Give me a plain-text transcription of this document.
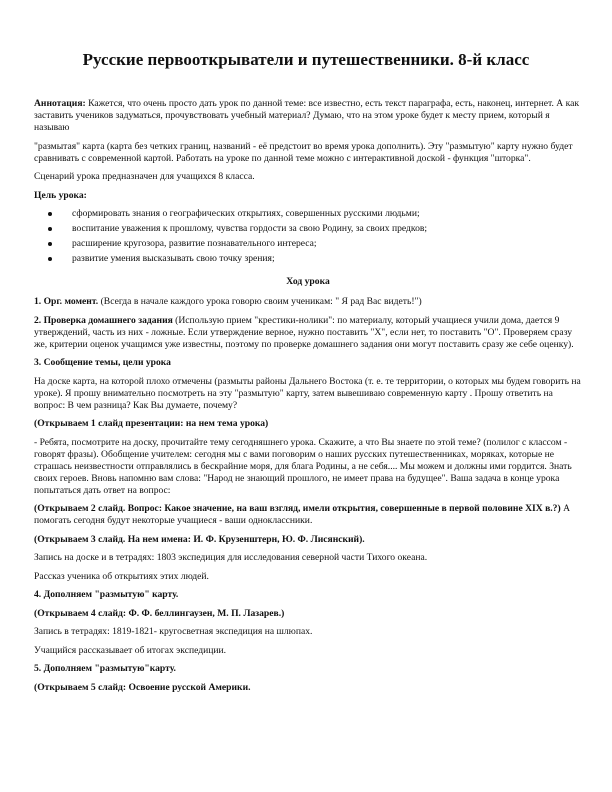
Русские первооткрыватели и путешественники. 8-й класс

Аннотация: Кажется, что очень просто дать урок по данной теме: все известно, есть текст параграфа, есть, наконец, интернет. А как заставить учеников задуматься, прочувствовать учебный материал? Думаю, что на этом уроке будет к месту прием, который я называю

"размытая" карта (карта без четких границ, названий - её предстоит во время урока дополнить). Эту "размытую" карту нужно будет сравнивать с современной картой. Работать на уроке по данной теме можно с интерактивной доской - функция "шторка".

Сценарий урока предназначен для учащихся 8 класса.

Цель урока:

сформировать знания о географических открытиях, совершенных русскими людьми;
воспитание уважения к прошлому, чувства гордости за свою Родину, за своих предков;
расширение кругозора, развитие познавательного интереса;
развитие умения высказывать свою точку зрения;

Ход урока

1. Орг. момент. (Всегда в начале каждого урока говорю своим ученикам: " Я рад Вас видеть!")

2. Проверка домашнего задания (Использую прием "крестики-нолики": по материалу, который учащиеся учили дома, дается 9 утверждений, часть из них - ложные. Если утверждение верное, нужно поставить "Х", если нет, то поставить "О". Проверяем сразу же, критерии оценок учащимся уже известны, поэтому по проверке домашнего задания они могут поставить сразу же себе оценку).

3. Сообщение темы, цели урока

На доске карта, на которой плохо отмечены (размыты районы Дальнего Востока (т. е. те территории, о которых мы будем говорить на уроке). Я прошу внимательно посмотреть на эту "размытую" карту, затем вывешиваю современную карту . Прошу ответить на вопрос: В чем разница? Как Вы думаете, почему?

(Открываем 1 слайд презентации: на нем тема урока)

- Ребята, посмотрите на доску, прочитайте тему сегодняшнего урока. Скажите, а что Вы знаете по этой теме? (полилог с классом - говорят фразы). Обобщение учителем: сегодня мы с вами поговорим о наших русских путешественниках, моряках, которые не страшась неизвестности отправлялись в бескрайние моря, для блага Родины, а не себя.... Мы можем и должны ими гордится. Знать своих героев. Вновь напомню вам слова: "Народ не знающий прошлого, не имеет права на будущее". Ваша задача в конце урока попытаться дать ответ на вопрос:

(Открываем 2 слайд. Вопрос: Какое значение, на ваш взгляд, имели открытия, совершенные в первой половине XIX в.?) А помогать сегодня будут некоторые учащиеся - ваши одноклассники.

(Открываем 3 слайд. На нем имена: И. Ф. Крузенштерн, Ю. Ф. Лисянский).

Запись на доске и в тетрадях: 1803 экспедиция для исследования северной части Тихого океана.

Рассказ ученика об открытиях этих людей.

4. Дополняем "размытую" карту.

(Открываем 4 слайд: Ф. Ф. беллингаузен, М. П. Лазарев.)

Запись в тетрадях: 1819-1821- кругосветная экспедиция на шлюпах.

Учащийся рассказывает об итогах экспедиции.

5. Дополняем "размытую"карту.

(Открываем 5 слайд: Освоение русской Америки.
